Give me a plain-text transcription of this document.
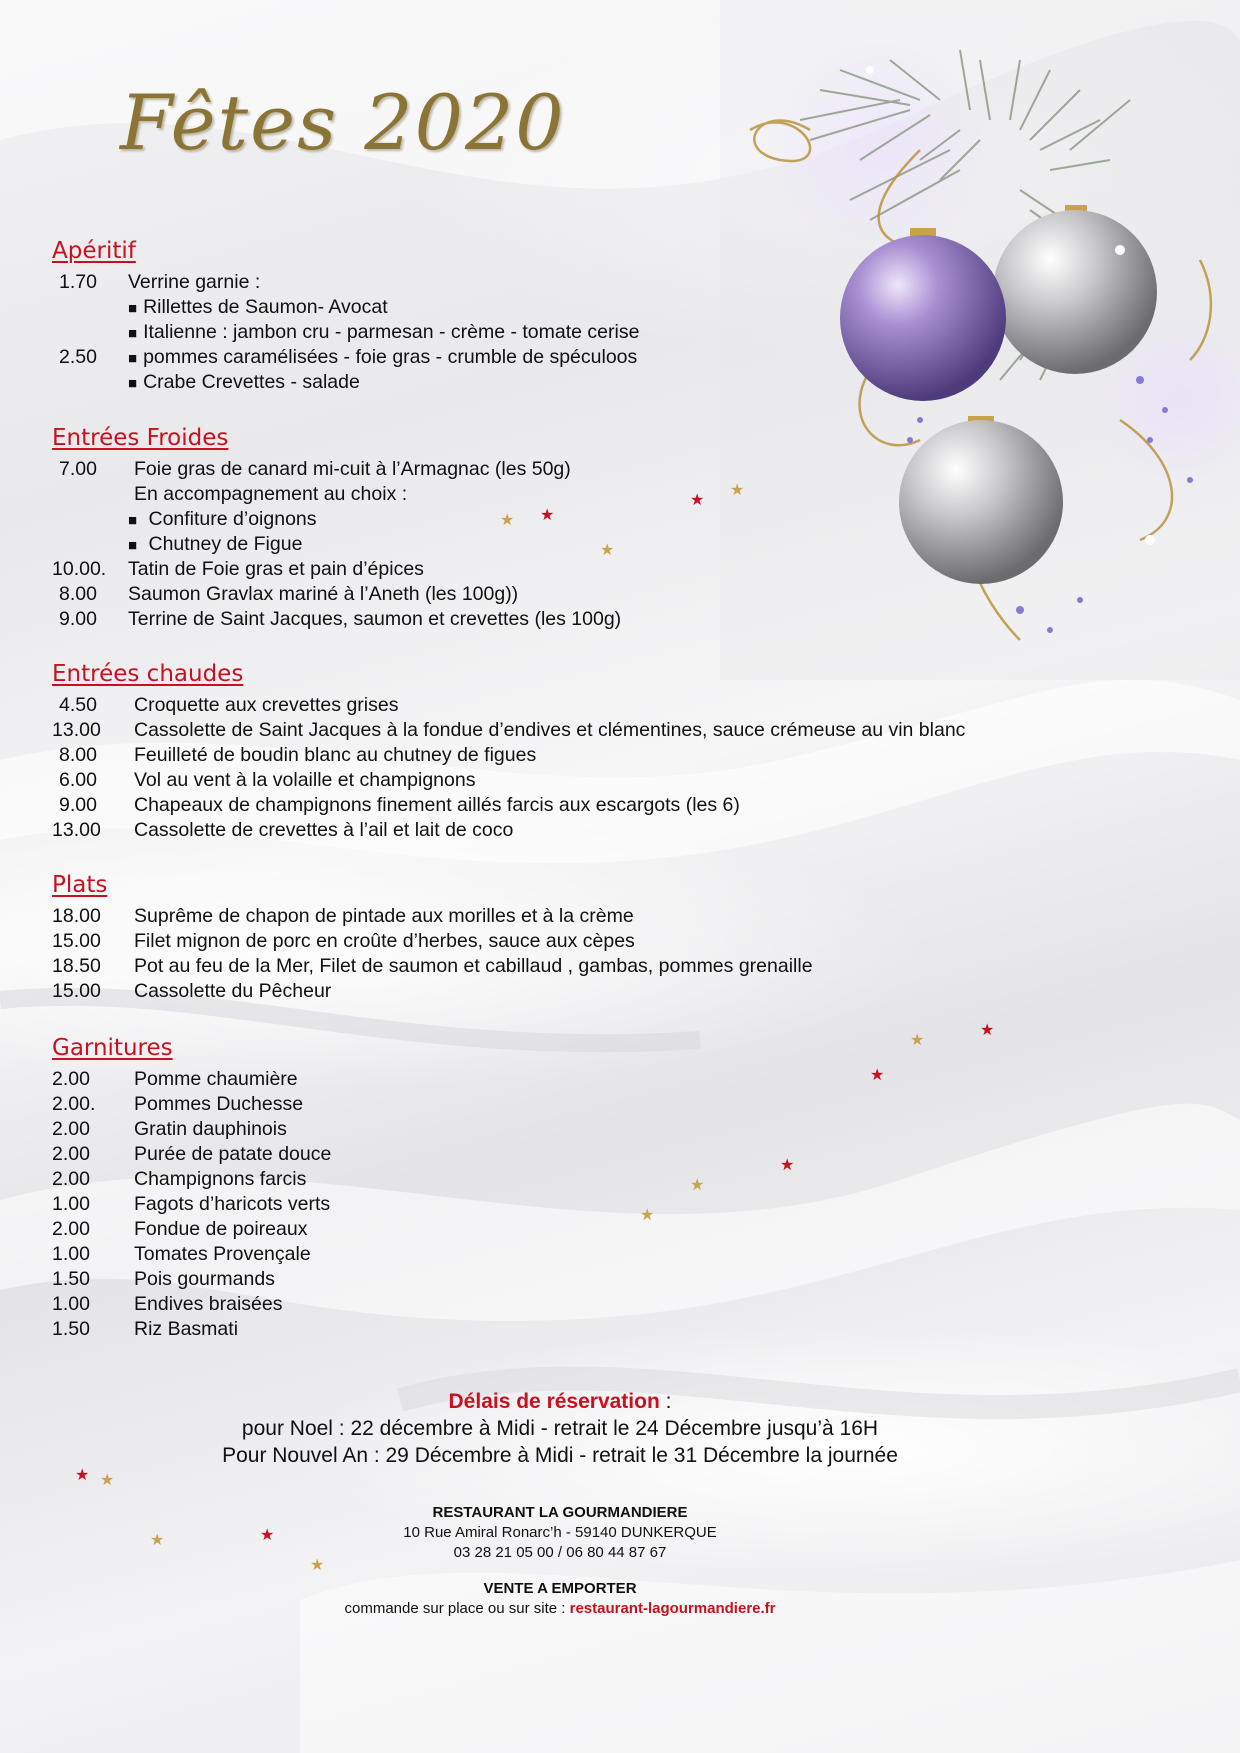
★ ★
★
★
★
★
★
★
★
★
★
★ ★
★	★
★
Fêtes 2020
Apéritif
1.70	Verrine garnie :
■ Rillettes de Saumon- Avocat
■ Italienne : jambon cru - parmesan - crème - tomate cerise
2.50	■ pommes caramélisées - foie gras - crumble de spéculoos
■ Crabe Crevettes - salade
Entrées Froides
7.00	Foie gras de canard mi-cuit à l’Armagnac (les 50g)
En accompagnement au choix :
■ Confiture d’oignons
■ Chutney de Figue
10.00.	Tatin de Foie gras et pain d’épices
8.00	Saumon Gravlax mariné à l’Aneth (les 100g))
9.00	Terrine de Saint Jacques, saumon et crevettes (les 100g)
Entrées chaudes
4.50	Croquette aux crevettes grises
13.00	Cassolette de Saint Jacques à la fondue d’endives et clémentines, sauce crémeuse au vin blanc
8.00	Feuilleté de boudin blanc au chutney de figues
6.00	Vol au vent à la volaille et champignons
9.00	Chapeaux de champignons finement aillés farcis aux escargots (les 6)
13.00	Cassolette de crevettes à l’ail et lait de coco
Plats
18.00	Suprême de chapon de pintade aux morilles et à la crème
15.00	Filet mignon de porc en croûte d’herbes, sauce aux cèpes
18.50	Pot au feu de la Mer, Filet de saumon et cabillaud , gambas, pommes grenaille
15.00	Cassolette du Pêcheur
Garnitures
2.00	Pomme chaumière
2.00.	Pommes Duchesse
2.00	Gratin dauphinois
2.00	Purée de patate douce
2.00	Champignons farcis
1.00	Fagots d’haricots verts
2.00	Fondue de poireaux
1.00	Tomates Provençale
1.50	Pois gourmands
1.00	Endives braisées
1.50	Riz Basmati
Délais de réservation :
pour Noel : 22 décembre à Midi - retrait le 24 Décembre jusqu’à 16H
Pour Nouvel An : 29 Décembre à Midi - retrait le 31 Décembre la journée
RESTAURANT LA GOURMANDIERE
10 Rue Amiral Ronarc’h - 59140 DUNKERQUE
03 28 21 05 00 / 06 80 44 87 67
VENTE A EMPORTER
commande sur place ou sur site : restaurant-lagourmandiere.fr
